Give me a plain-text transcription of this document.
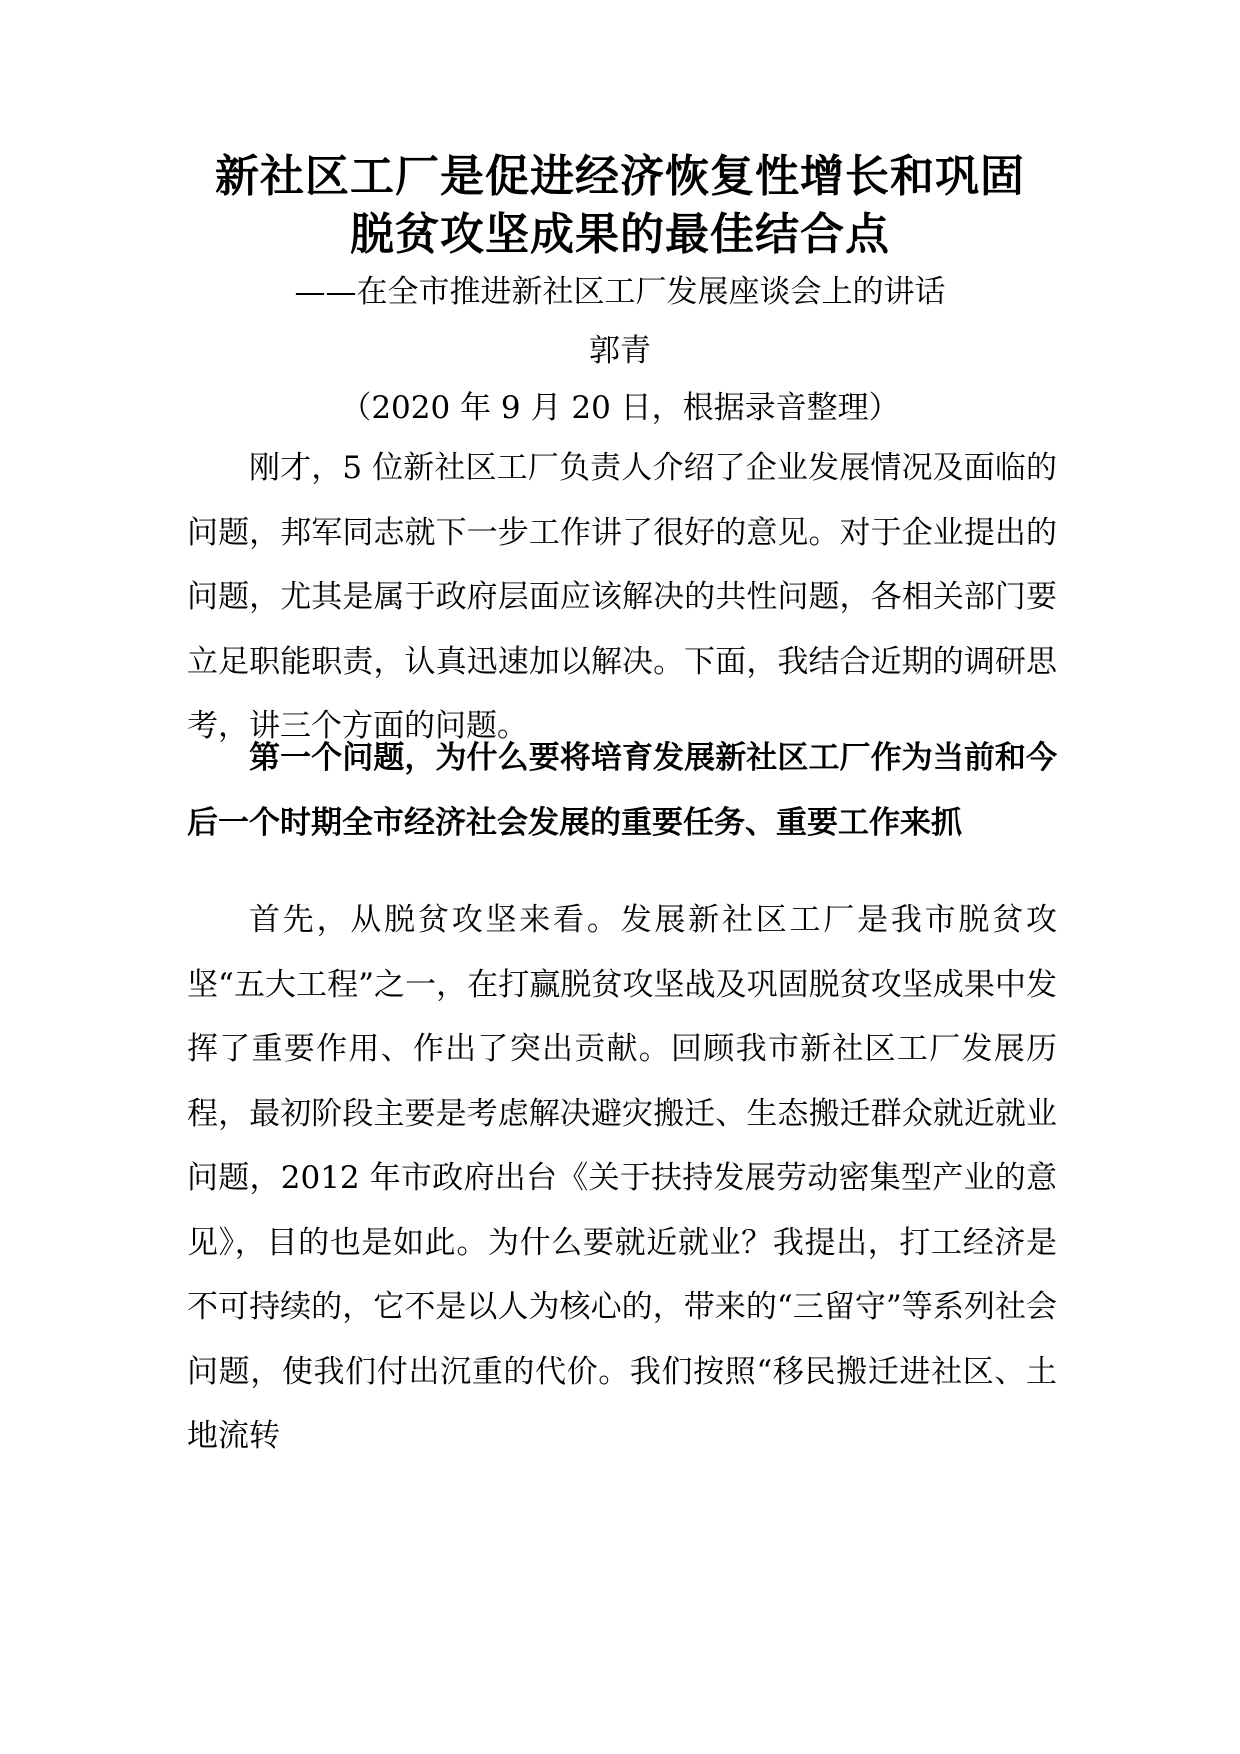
新社区工厂是促进经济恢复性增长和巩固
脱贫攻坚成果的最佳结合点
——在全市推进新社区工厂发展座谈会上的讲话
郭青
（2020 年 9 月 20 日，根据录音整理）

刚才，5 位新社区工厂负责人介绍了企业发展情况及面临的问题，邦军同志就下一步工作讲了很好的意见。对于企业提出的问题，尤其是属于政府层面应该解决的共性问题，各相关部门要立足职能职责，认真迅速加以解决。下面，我结合近期的调研思考，讲三个方面的问题。

第一个问题，为什么要将培育发展新社区工厂作为当前和今后一个时期全市经济社会发展的重要任务、重要工作来抓

首先，从脱贫攻坚来看。发展新社区工厂是我市脱贫攻坚“五大工程”之一，在打赢脱贫攻坚战及巩固脱贫攻坚成果中发挥了重要作用、作出了突出贡献。回顾我市新社区工厂发展历程，最初阶段主要是考虑解决避灾搬迁、生态搬迁群众就近就业问题，2012 年市政府出台《关于扶持发展劳动密集型产业的意见》，目的也是如此。为什么要就近就业？我提出，打工经济是不可持续的，它不是以人为核心的，带来的“三留守”等系列社会问题，使我们付出沉重的代价。我们按照“移民搬迁进社区、土地流转
